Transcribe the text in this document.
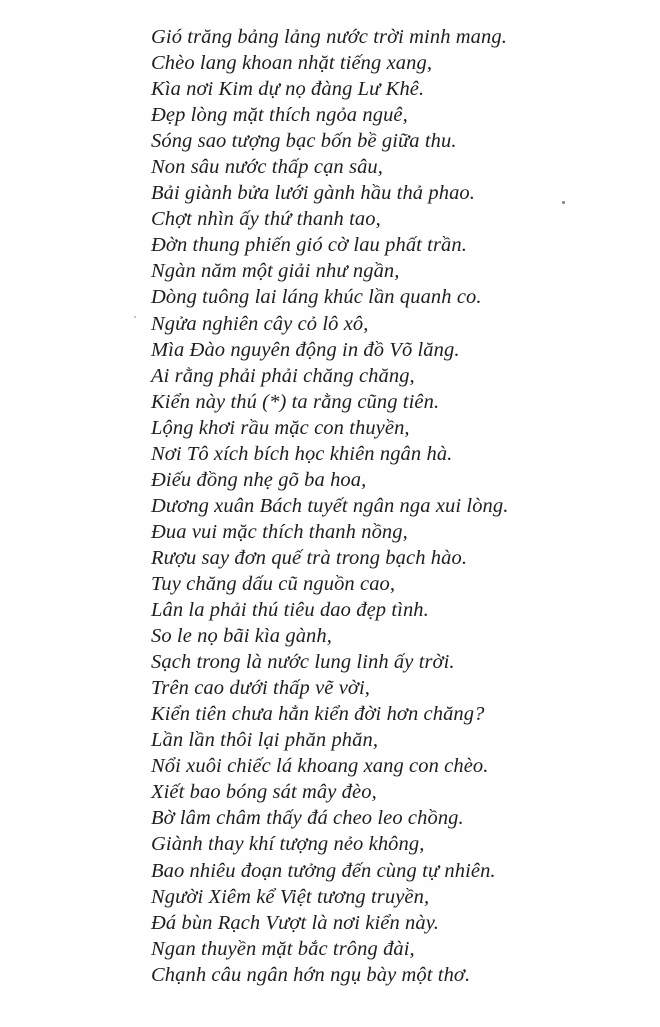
Gió trăng bảng lảng nước trời minh mang.
Chèo lang khoan nhặt tiếng xang,
Kìa nơi Kim dự nọ đàng Lư Khê.
Đẹp lòng mặt thích ngỏa nguê,
Sóng sao tượng bạc bốn bề giữa thu.
Non sâu nước thấp cạn sâu,
Bải giành bửa lưới gành hầu thả phao.
Chợt nhìn ấy thứ thanh tao,
Đờn thung phiến gió cờ lau phất trần.
Ngàn năm một giải như ngần,
Dòng tuông lai láng khúc lần quanh co.
Ngửa nghiên cây cỏ lô xô,
Mìa Đào nguyên động in đồ Võ lăng.
Ai rằng phải phải chăng chăng,
Kiển này thú (*) ta rằng cũng tiên.
Lộng khơi rầu mặc con thuyền,
Nơi Tô xích bích học khiên ngân hà.
Điếu đồng nhẹ gõ ba hoa,
Dương xuân Bách tuyết ngân nga xui lòng.
Đua vui mặc thích thanh nồng,
Rượu say đơn quế trà trong bạch hào.
Tuy chăng dấu cũ nguồn cao,
Lân la phải thú tiêu dao đẹp tình.
So le nọ bãi kìa gành,
Sạch trong là nước lung linh ấy trời.
Trên cao dưới thấp vẽ vời,
Kiển tiên chưa hẳn kiển đời hơn chăng?
Lần lần thôi lại phăn phăn,
Nổi xuôi chiếc lá khoang xang con chèo.
Xiết bao bóng sát mây đèo,
Bờ lâm châm thấy đá cheo leo chồng.
Giành thay khí tượng nẻo không,
Bao nhiêu đoạn tưởng đến cùng tự nhiên.
Người Xiêm kể Việt tương truyền,
Đá bùn Rạch Vượt là nơi kiển này.
Ngan thuyền mặt bắc trông đài,
Chạnh câu ngân hớn ngụ bày một thơ.
